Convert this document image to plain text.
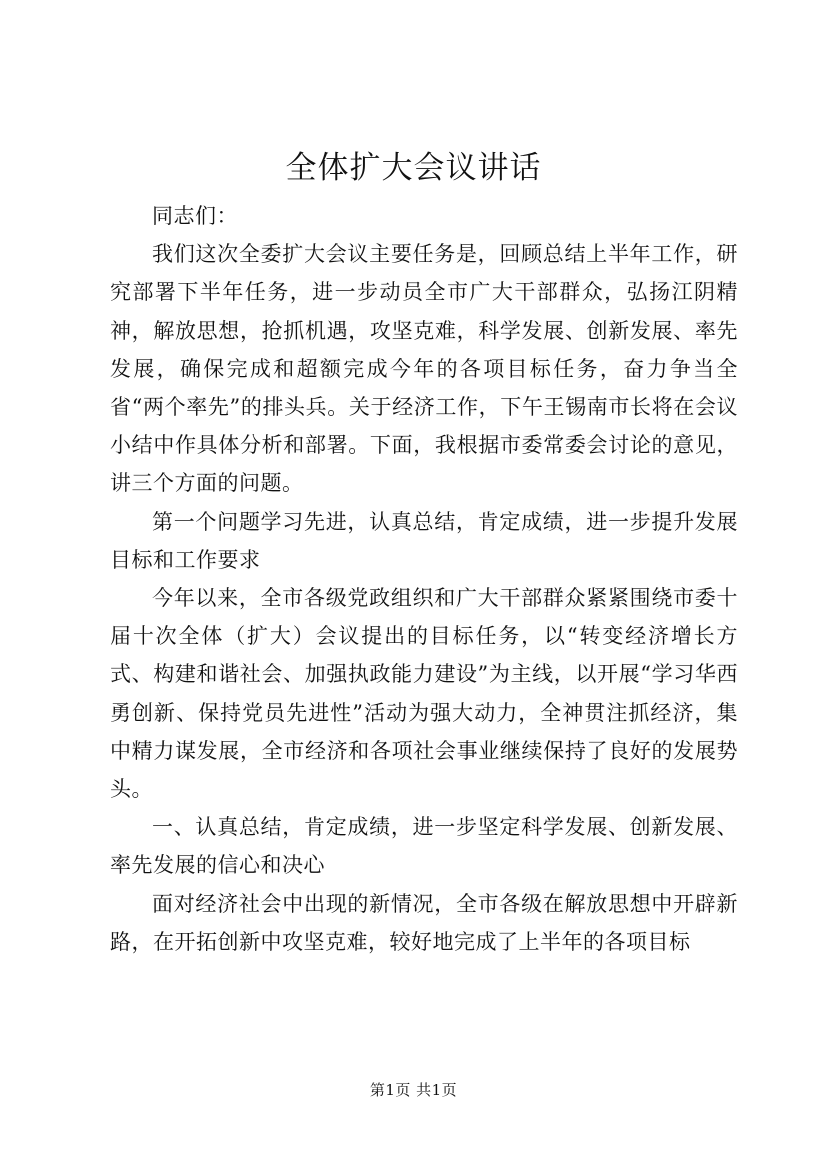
全体扩大会议讲话

同志们：

我们这次全委扩大会议主要任务是，回顾总结上半年工作，研究部署下半年任务，进一步动员全市广大干部群众，弘扬江阴精神，解放思想，抢抓机遇，攻坚克难，科学发展、创新发展、率先发展，确保完成和超额完成今年的各项目标任务，奋力争当全省“两个率先”的排头兵。关于经济工作，下午王锡南市长将在会议小结中作具体分析和部署。下面，我根据市委常委会讨论的意见，讲三个方面的问题。

第一个问题学习先进，认真总结，肯定成绩，进一步提升发展目标和工作要求

今年以来，全市各级党政组织和广大干部群众紧紧围绕市委十届十次全体（扩大）会议提出的目标任务，以“转变经济增长方式、构建和谐社会、加强执政能力建设”为主线，以开展“学习华西勇创新、保持党员先进性”活动为强大动力，全神贯注抓经济，集中精力谋发展，全市经济和各项社会事业继续保持了良好的发展势头。

一、认真总结，肯定成绩，进一步坚定科学发展、创新发展、率先发展的信心和决心

面对经济社会中出现的新情况，全市各级在解放思想中开辟新路，在开拓创新中攻坚克难，较好地完成了上半年的各项目标

第1页 共1页
